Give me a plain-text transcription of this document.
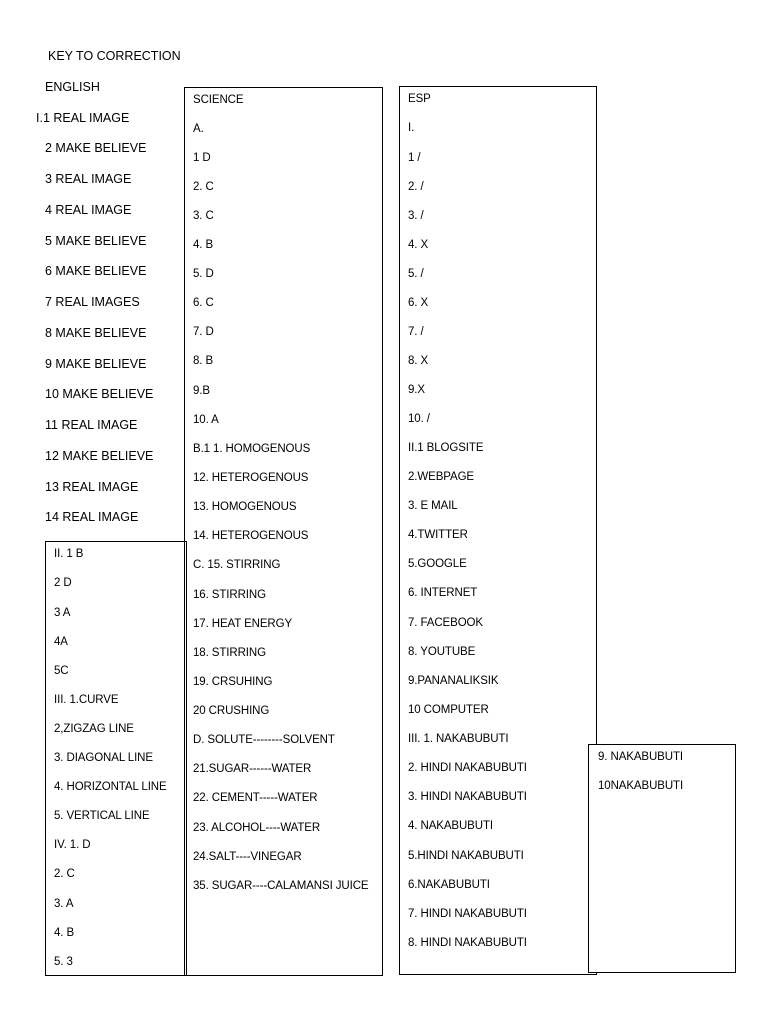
KEY TO CORRECTION
ENGLISH
I.1 REAL IMAGE
2 MAKE BELIEVE
3 REAL IMAGE
4 REAL IMAGE
5 MAKE BELIEVE
6 MAKE BELIEVE
7 REAL IMAGES
8 MAKE BELIEVE
9 MAKE BELIEVE
10 MAKE BELIEVE
11 REAL IMAGE
12 MAKE BELIEVE
13 REAL IMAGE
14 REAL IMAGE
II. 1 B
2 D
3 A
4A
5C
III. 1.CURVE
2,ZIGZAG LINE
3. DIAGONAL LINE
4. HORIZONTAL LINE
5. VERTICAL LINE
IV. 1. D
2. C
3. A
4. B
5. 3
SCIENCE
A.
1 D
2. C
3. C
4. B
5. D
6. C
7. D
8. B
9.B
10. A
B.1 1. HOMOGENOUS
12. HETEROGENOUS
13. HOMOGENOUS
14. HETEROGENOUS
C. 15. STIRRING
16. STIRRING
17. HEAT ENERGY
18. STIRRING
19. CRSUHING
20 CRUSHING
D. SOLUTE--------SOLVENT
21.SUGAR------WATER
22. CEMENT-----WATER
23. ALCOHOL----WATER
24.SALT----VINEGAR
35. SUGAR----CALAMANSI JUICE
ESP
I.
1 /
2. /
3. /
4. X
5. /
6. X
7. /
8. X
9.X
10. /
II.1 BLOGSITE
2.WEBPAGE
3. E MAIL
4.TWITTER
5.GOOGLE
6. INTERNET
7. FACEBOOK
8. YOUTUBE
9.PANANALIKSIK
10 COMPUTER
III. 1. NAKABUBUTI
2. HINDI NAKABUBUTI
3. HINDI NAKABUBUTI
4. NAKABUBUTI
5.HINDI NAKABUBUTI
6.NAKABUBUTI
7. HINDI NAKABUBUTI
8. HINDI NAKABUBUTI
9. NAKABUBUTI
10NAKABUBUTI
